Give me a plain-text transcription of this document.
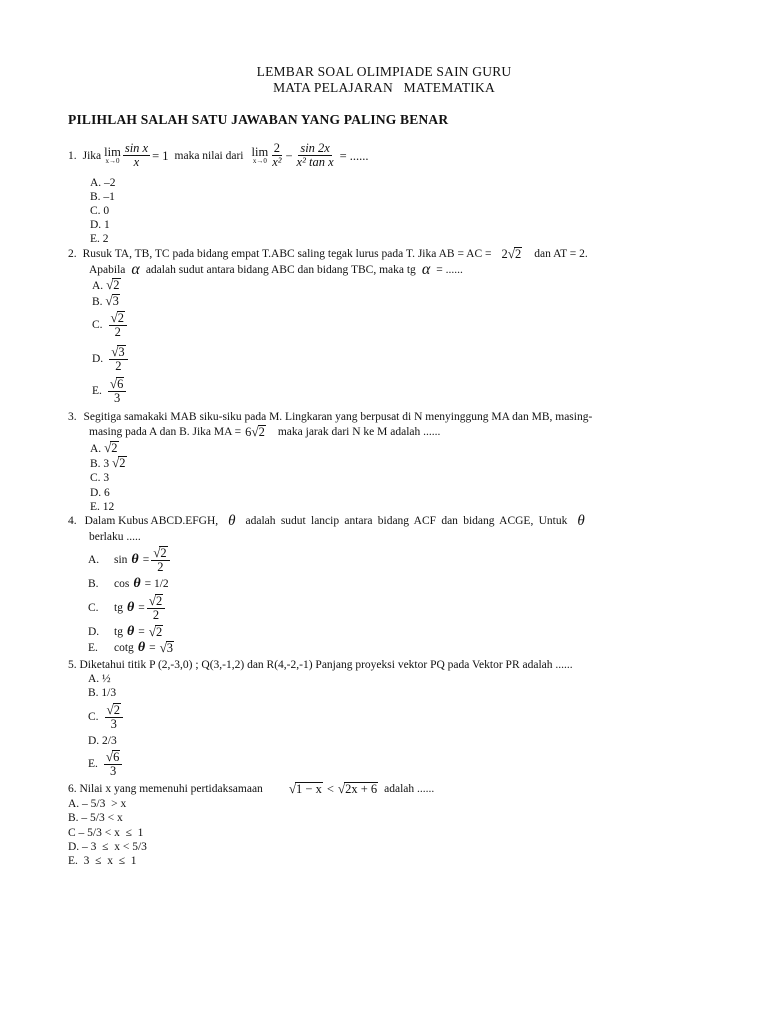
LEMBAR SOAL OLIMPIADE SAIN GURU
MATA PELAJARAN   MATEMATIKA
PILIHLAH SALAH SATU JAWABAN YANG PALING BENAR
1. Jika lim
$x\to 0 \frac{\text{sin x}}{x} = 1$ maka nilai dari lim
$x\to 0 \frac{2}{\text{x²}} - \frac{\sin 2x}{\text{x² tan x}}$ = ......
A. –2
B. –1
C. 0
D. 1
E. 2
2. Rusuk TA, TB, TC pada bidang empat T.ABC saling tegak lurus pada T. Jika AB = AC = 2 √ 2 dan AT = 2.
Apabila α adalah sudut antara bidang ABC dan bidang TBC, maka tg α = ......
A. √ 2
B. √ 3
C. $\frac{√ 2}{2}$
D. $\frac{√ 3}{2}$
E. $\frac{√ 6}{3}$
3. Segitiga samakaki MAB siku-siku pada M. Lingkaran yang berpusat di N menyinggung MA dan MB, masing-
masing pada A dan B. Jika MA = 6 √ 2 maka jarak dari N ke M adalah ......
A. √ 2
B. 3 √ 2
C. 3
D. 6
E. 12
4. Dalam Kubus ABCD.EFGH, θ adalah sudut lancip antara bidang ACF dan bidang ACGE, Untuk θ
berlaku .....
A.	$\sin \theta = \frac{√ 2}{2}$
B.	cos θ = 1/2
C.	tg $\theta = \frac{√ 2}{2}$
D.	tg θ = √ 2
E.	cotg θ = √ 3
5. Diketahui titik P (2,-3,0) ; Q(3,-1,2) dan R(4,-2,-1) Panjang proyeksi vektor PQ pada Vektor PR adalah ......
A. ½
B. 1/3
C. $\frac{√ 2}{3}$
D. 2/3
E. $\frac{√ 6}{3}$
6. Nilai x yang memenuhi pertidaksamaan √ 1 − x < √ 2x + 6 adalah ......
A. – 5/3  > x
B. – 5/3 < x
C – 5/3 < x  ≤  1
D. – 3  ≤  x < 5/3
E.  3  ≤  x  ≤  1
